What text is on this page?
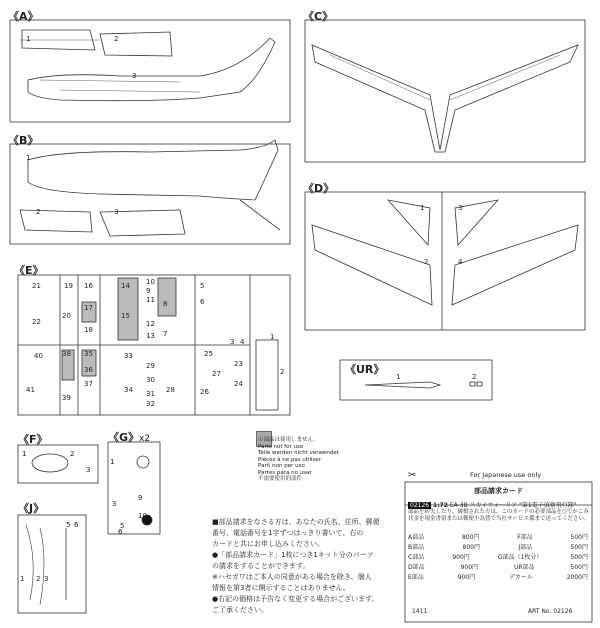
《A》
《B》
《C》
《D》
《E》
《UR》
《F》	《G》x2
《J》
1	2
3
1
2	3	1
2
3
4
21	19 16
17
18
20
22
40	38 35
36
37
39
41
14
15
11
12
13
10
9
8
7
33
29
30
31
32
34	28
5
6
25
26
27
3 4
24
23
1
2
1	2
1	2
3
1
3
5
6
9
10
1 2 3
5 6
の部品は使用しません。
Parts not for use
Teile werden nicht verwendet
Pièces à ne pas utiliser.
Parti non per uso
Partes para no usar
不需要使用的部件
■部品請求をなさる方は、あなたの氏名、住所、郵便
番号、電話番号を1字ずつはっきり書いて、右の
カードと共にお申し込みください。
●「部品請求カード」1枚につき1キット分のパーツ
の請求をすることができます。
※ハセガワはご本人の同意がある場合を除き、個人
情報を第3者に開示することはありません。
●右記の価格は予告なく変更する場合がございます。
ご了承ください。
✂	For Japanese use only
部品請求カード
02126 1:72 EA-3B スカイウォーリア "第1電子偵察飛行隊"
部品を紛失したり、破損された方は、このカードの必要部品を○でかこみ代金を現金書留または郵便小為替で当社サービス係まで送ってください。
A部品	800円	F部品	500円
B部品	800円	J部品	500円
C部品	900円	G部品（1枚分）	500円
D部品	900円	UR部品	500円
E部品	900円	デカール	2000円
1411	ART No. 02126
